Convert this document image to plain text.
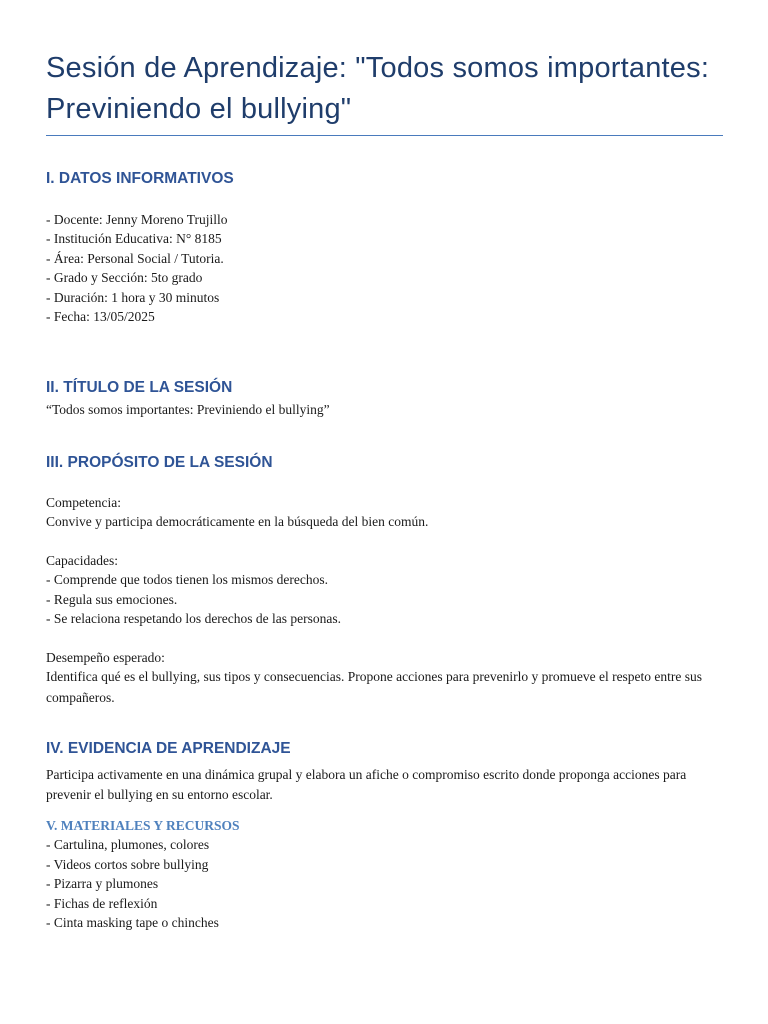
Sesión de Aprendizaje: "Todos somos importantes: Previniendo el bullying"
I. DATOS INFORMATIVOS
- Docente: Jenny Moreno Trujillo
- Institución Educativa: N° 8185
- Área: Personal Social / Tutoria.
- Grado y Sección: 5to grado
- Duración: 1 hora y 30 minutos
- Fecha: 13/05/2025
II. TÍTULO DE LA SESIÓN

“Todos somos importantes: Previniendo el bullying”

III. PROPÓSITO DE LA SESIÓN
Competencia:
Convive y participa democráticamente en la búsqueda del bien común.
Capacidades:
- Comprende que todos tienen los mismos derechos.
- Regula sus emociones.
- Se relaciona respetando los derechos de las personas.
Desempeño esperado:
Identifica qué es el bullying, sus tipos y consecuencias. Propone acciones para prevenirlo y promueve el respeto entre sus compañeros.
IV. EVIDENCIA DE APRENDIZAJE

Participa activamente en una dinámica grupal y elabora un afiche o compromiso escrito donde proponga acciones para prevenir el bullying en su entorno escolar.

V. MATERIALES Y RECURSOS
- Cartulina, plumones, colores
- Videos cortos sobre bullying
- Pizarra y plumones
- Fichas de reflexión
- Cinta masking tape o chinches
